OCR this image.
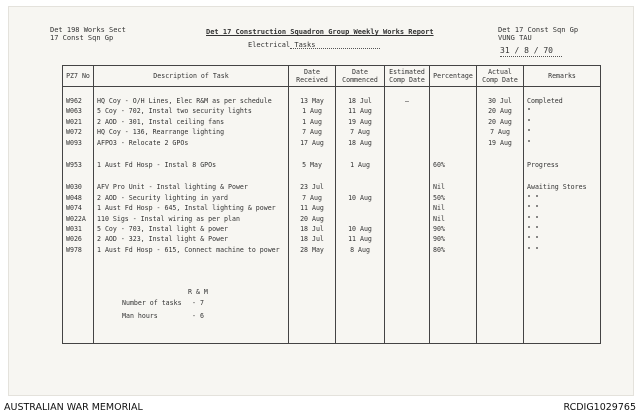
Det 198 Works Sect
17 Const Sqn Gp
Det 17 Construction Squadron Group Weekly Works Report
Electrical Tasks
Det 17 Const Sqn Gp
VUNG TAU
31 / 8 / 70
PZ7 No	Description of Task	Date Received	Date Commenced	Estimated Comp Date	Percentage	Actual Comp Date	Remarks

W962	HQ Coy - O/H Lines, Elec R&M as per schedule	13 May	18 Jul	–		30 Jul	Completed
W063	5 Coy - 702, Instal two security lights	1 Aug	11 Aug			20 Aug	"
W021	2 AOD - 301, Instal ceiling fans	1 Aug	19 Aug			20 Aug	"
W072	HQ Coy - 136, Rearrange lighting	7 Aug	7 Aug			7 Aug	"
W093	AFPO3 - Relocate 2 GPOs	17 Aug	18 Aug			19 Aug	"

W953	1 Aust Fd Hosp - Instal 8 GPOs	5 May	1 Aug		60%		Progress

W030	AFV Pro Unit - Instal lighting & Power	23 Jul			Nil		Awaiting Stores
W048	2 AOD - Security lighting in yard	7 Aug	10 Aug		50%		" "
W074	1 Aust Fd Hosp - 645, Instal lighting & power	11 Aug			Nil		" "
W022A	110 Sigs - Instal wiring as per plan	20 Aug			Nil		" "
W031	5 Coy - 703, Instal light & power	18 Jul	10 Aug		90%		" "
W026	2 AOD - 323, Instal light & Power	18 Jul	11 Aug		90%		" "
W978	1 Aust Fd Hosp - 615, Connect machine to power	28 May	8 Aug		80%		" "

R & M
Number of tasks - 7
Man hours	- 6
AUSTRALIAN WAR MEMORIAL	RCDIG1029765
